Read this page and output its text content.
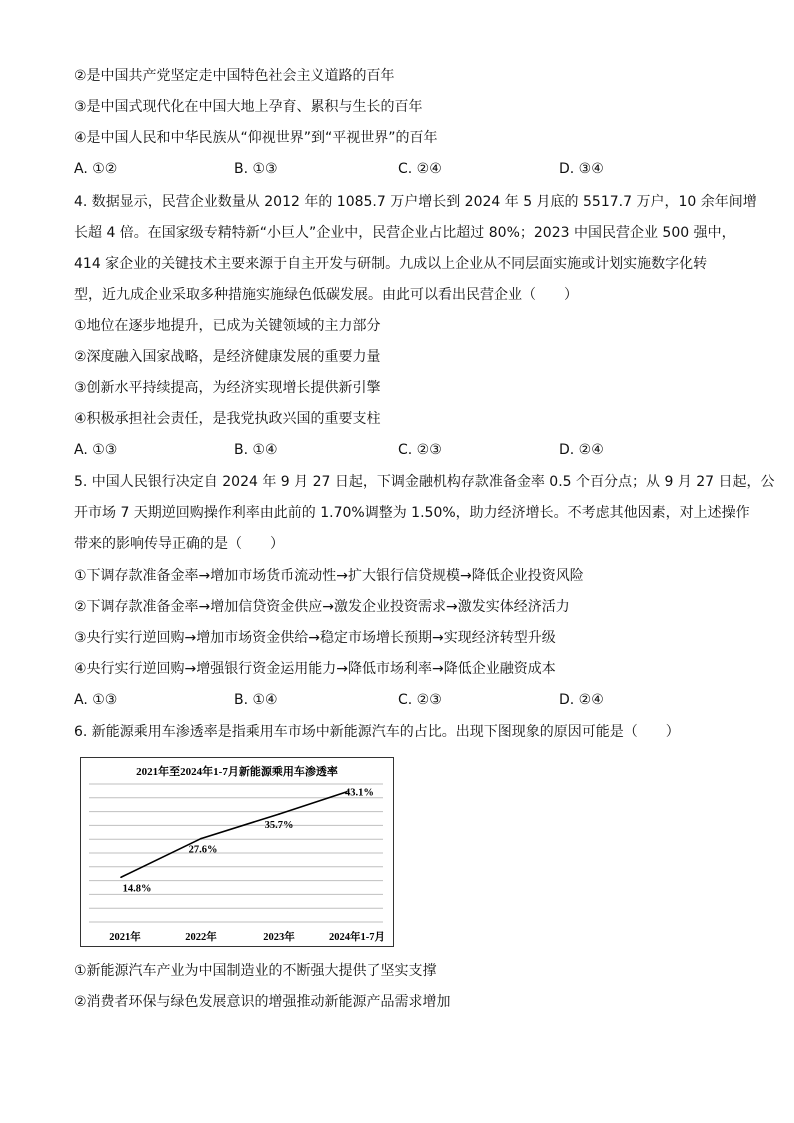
②是中国共产党坚定走中国特色社会主义道路的百年
③是中国式现代化在中国大地上孕育、累积与生长的百年
④是中国人民和中华民族从“仰视世界”到“平视世界”的百年
A. ①②	B. ①③	C. ②④	D. ③④
4. 数据显示，民营企业数量从 2012 年的 1085.7 万户增长到 2024 年 5 月底的 5517.7 万户，10 余年间增
长超 4 倍。在国家级专精特新“小巨人”企业中，民营企业占比超过 80%；2023 中国民营企业 500 强中，
414 家企业的关键技术主要来源于自主开发与研制。九成以上企业从不同层面实施或计划实施数字化转
型，近九成企业采取多种措施实施绿色低碳发展。由此可以看出民营企业（　　）
①地位在逐步地提升，已成为关键领域的主力部分
②深度融入国家战略，是经济健康发展的重要力量
③创新水平持续提高，为经济实现增长提供新引擎
④积极承担社会责任，是我党执政兴国的重要支柱
A. ①③	B. ①④	C. ②③	D. ②④
5. 中国人民银行决定自 2024 年 9 月 27 日起，下调金融机构存款准备金率 0.5 个百分点；从 9 月 27 日起，公
开市场 7 天期逆回购操作利率由此前的 1.70%调整为 1.50%，助力经济增长。不考虑其他因素，对上述操作
带来的影响传导正确的是（　　）
①下调存款准备金率→增加市场货币流动性→扩大银行信贷规模→降低企业投资风险
②下调存款准备金率→增加信贷资金供应→激发企业投资需求→激发实体经济活力
③央行实行逆回购→增加市场资金供给→稳定市场增长预期→实现经济转型升级
④央行实行逆回购→增强银行资金运用能力→降低市场利率→降低企业融资成本
A. ①③	B. ①④	C. ②③	D. ②④
6. 新能源乘用车渗透率是指乘用车市场中新能源汽车的占比。出现下图现象的原因可能是（　　）
2021年至2024年1-7月新能源乘用车渗透率
14.8%
27.6%
35.7%
43.1%
2021年	2022年	2023年	2024年1-7月
①新能源汽车产业为中国制造业的不断强大提供了坚实支撑
②消费者环保与绿色发展意识的增强推动新能源产品需求增加
